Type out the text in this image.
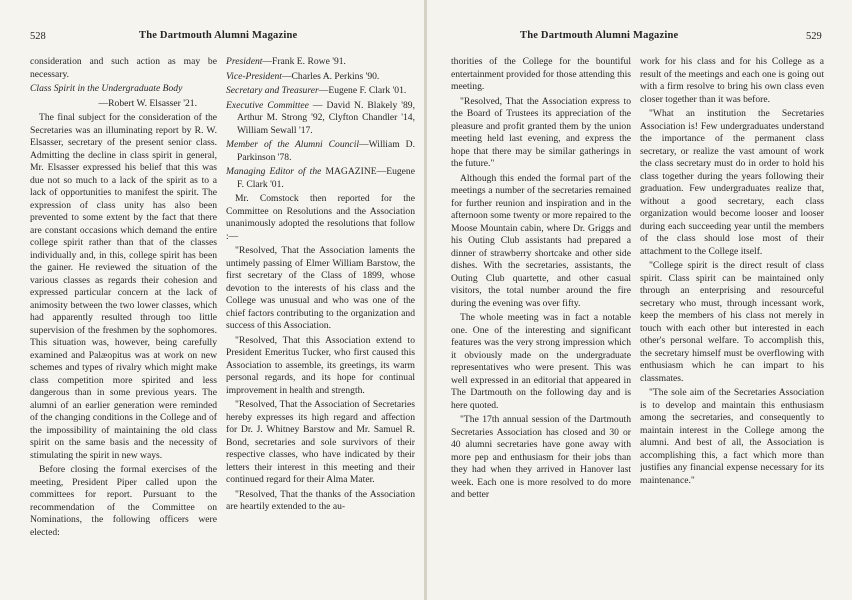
528	The Dartmouth Alumni Magazine

consideration and such action as may be necessary.

Class Spirit in the Undergraduate Body

—Robert W. Elsasser '21.

The final subject for the consideration of the Secretaries was an illuminating report by R. W. Elsasser, secretary of the present senior class. Admitting the decline in class spirit in general, Mr. Elsasser expressed his belief that this was due not so much to a lack of the spirit as to a lack of opportunities to manifest the spirit. The expression of class unity has also been prevented to some extent by the fact that there are constant occasions which demand the entire college spirit rather than that of the classes individually and, in this, college spirit has been the gainer. He reviewed the situation of the various classes as regards their cohesion and expressed particular concern at the lack of animosity between the two lower classes, which had apparently resulted through too little supervision of the freshmen by the sophomores. This situation was, however, being carefully examined and Palæopitus was at work on new schemes and types of rivalry which might make class competition more spirited and less dangerous than in some previous years. The alumni of an earlier generation were reminded of the changing conditions in the College and of the impossibility of maintaining the old class spirit on the same basis and the necessity of stimulating the spirit in new ways.

Before closing the formal exercises of the meeting, President Piper called upon the committees for report. Pursuant to the recommendation of the Committee on Nominations, the following officers were elected:

President—Frank E. Rowe '91.

Vice-President—Charles A. Perkins '90.

Secretary and Treasurer—Eugene F. Clark '01.

Executive Committee — David N. Blakely '89, Arthur M. Strong '92, Clyfton Chandler '14, William Sewall '17.

Member of the Alumni Council—William D. Parkinson '78.

Managing Editor of the MAGAZINE—Eugene F. Clark '01.

Mr. Comstock then reported for the Committee on Resolutions and the Association unanimously adopted the resolutions that follow :—

"Resolved, That the Association laments the untimely passing of Elmer William Barstow, the first secretary of the Class of 1899, whose devotion to the interests of his class and the College was unusual and who was one of the chief factors contributing to the organization and success of this Association.

"Resolved, That this Association extend to President Emeritus Tucker, who first caused this Association to assemble, its greetings, its warm personal regards, and its hope for continual improvement in health and strength.

"Resolved, That the Association of Secretaries hereby expresses its high regard and affection for Dr. J. Whitney Barstow and Mr. Samuel R. Bond, secretaries and sole survivors of their respective classes, who have indicated by their letters their interest in this meeting and their continued regard for their Alma Mater.

"Resolved, That the thanks of the Association are heartily extended to the au-

The Dartmouth Alumni Magazine	529

thorities of the College for the bountiful entertainment provided for those attending this meeting.

"Resolved, That the Association express to the Board of Trustees its appreciation of the pleasure and profit granted them by the union meeting held last evening, and express the hope that there may be similar gatherings in the future."

Although this ended the formal part of the meetings a number of the secretaries remained for further reunion and inspiration and in the afternoon some twenty or more repaired to the Moose Mountain cabin, where Dr. Griggs and his Outing Club assistants had prepared a dinner of strawberry shortcake and other side dishes. With the secretaries, assistants, the Outing Club quartette, and other casual visitors, the total number around the fire during the evening was over fifty.

The whole meeting was in fact a notable one. One of the interesting and significant features was the very strong impression which it obviously made on the undergraduate representatives who were present. This was well expressed in an editorial that appeared in The Dartmouth on the following day and is here quoted.

"The 17th annual session of the Dartmouth Secretaries Association has closed and 30 or 40 alumni secretaries have gone away with more pep and enthusiasm for their jobs than they had when they arrived in Hanover last week. Each one is more resolved to do more and better

work for his class and for his College as a result of the meetings and each one is going out with a firm resolve to bring his own class even closer together than it was before.

"What an institution the Secretaries Association is! Few undergraduates understand the importance of the permanent class secretary, or realize the vast amount of work the class secretary must do in order to hold his class together during the years following their graduation. Few undergraduates realize that, without a good secretary, each class organization would become looser and looser during each succeeding year until the members of the class should lose most of their attachment to the College itself.

"College spirit is the direct result of class spirit. Class spirit can be maintained only through an enterprising and resourceful secretary who must, through incessant work, keep the members of his class not merely in touch with each other but interested in each other's personal welfare. To accomplish this, the secretary himself must be overflowing with enthusiasm which he can impart to his classmates.

"The sole aim of the Secretaries Association is to develop and maintain this enthusiasm among the secretaries, and consequently to maintain interest in the College among the alumni. And best of all, the Association is accomplishing this, a fact which more than justifies any financial expense necessary for its maintenance."
